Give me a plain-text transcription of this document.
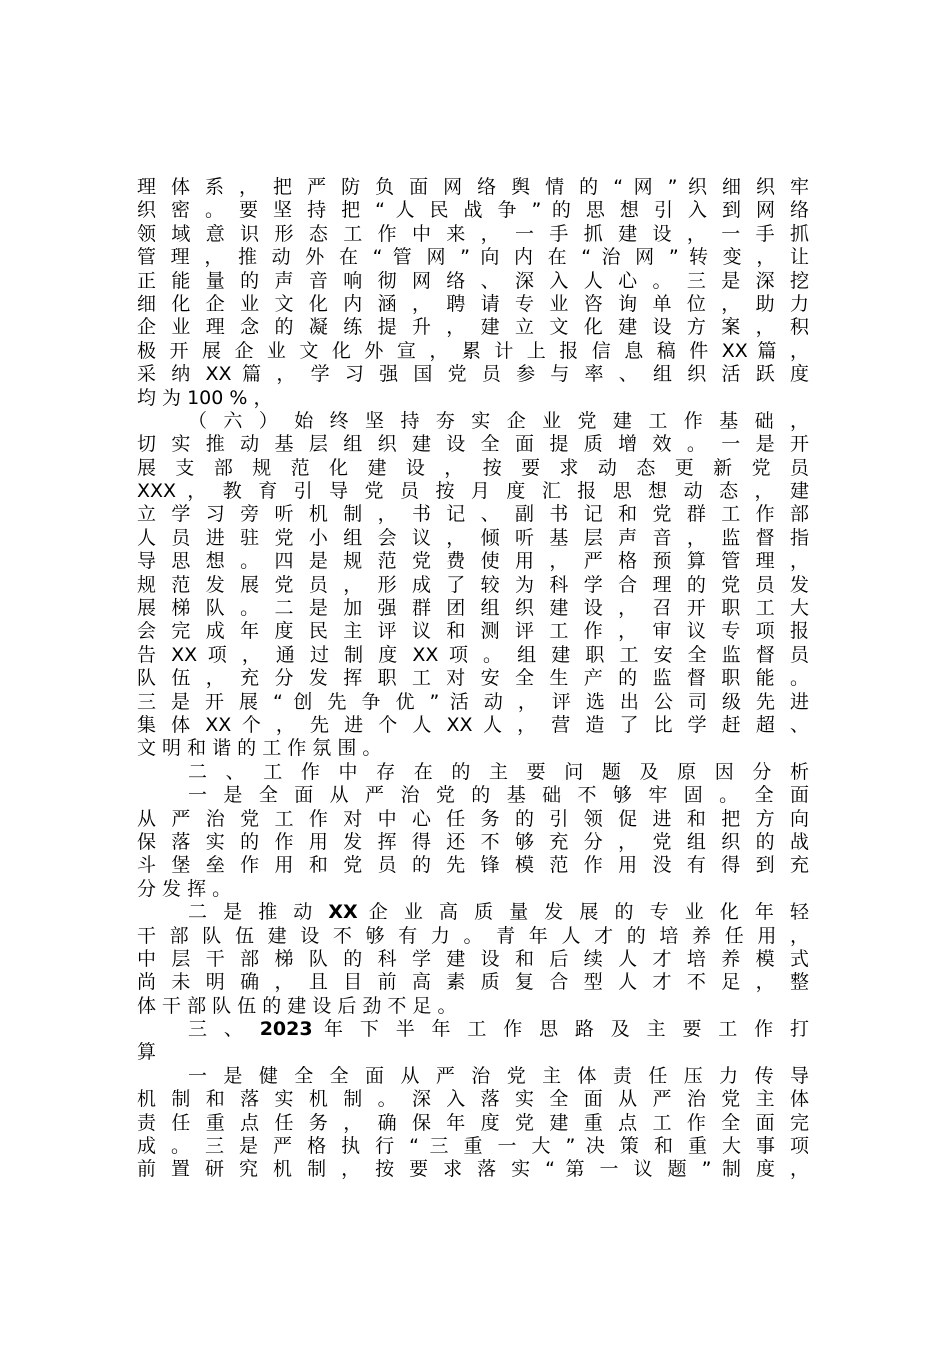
理 体 系 ， 把 严 防 负 面 网 络 舆 情 的 “ 网 ” 织 细 织 牢
织 密 。 要 坚 持 把 “ 人 民 战 争 ” 的 思 想 引 入 到 网 络
领 域 意 识 形 态 工 作 中 来 ， 一 手 抓 建 设 ， 一 手 抓
管 理 ， 推 动 外 在 “ 管 网 ” 向 内 在 “ 治 网 ” 转 变 ， 让
正 能 量 的 声 音 响 彻 网 络 、 深 入 人 心 。 三 是 深 挖
细 化 企 业 文 化 内 涵 ， 聘 请 专 业 咨 询 单 位 ， 助 力
企 业 理 念 的 凝 练 提 升 ， 建 立 文 化 建 设 方 案 ， 积
极 开 展 企 业 文 化 外 宣 ， 累 计 上 报 信 息 稿 件 XX 篇 ，
采 纳 XX 篇 ， 学 习 强 国 党 员 参 与 率 、 组 织 活 跃 度
均 为 100 % ，
（ 六 ） 始 终 坚 持 夯 实 企 业 党 建 工 作 基 础 ，
切 实 推 动 基 层 组 织 建 设 全 面 提 质 增 效 。 一 是 开
展 支 部 规 范 化 建 设 ， 按 要 求 动 态 更 新 党 员
XXX ， 教 育 引 导 党 员 按 月 度 汇 报 思 想 动 态 ， 建
立 学 习 旁 听 机 制 ， 书 记 、 副 书 记 和 党 群 工 作 部
人 员 进 驻 党 小 组 会 议 ， 倾 听 基 层 声 音 ， 监 督 指
导 思 想 。 四 是 规 范 党 费 使 用 ， 严 格 预 算 管 理 ，
规 范 发 展 党 员 ， 形 成 了 较 为 科 学 合 理 的 党 员 发
展 梯 队 。 二 是 加 强 群 团 组 织 建 设 ， 召 开 职 工 大
会 完 成 年 度 民 主 评 议 和 测 评 工 作 ， 审 议 专 项 报
告 XX 项 ， 通 过 制 度 XX 项 。 组 建 职 工 安 全 监 督 员
队 伍 ， 充 分 发 挥 职 工 对 安 全 生 产 的 监 督 职 能 。
三 是 开 展 “ 创 先 争 优 ” 活 动 ， 评 选 出 公 司 级 先 进
集 体 XX 个 ， 先 进 个 人 XX 人 ， 营 造 了 比 学 赶 超 、
文 明 和 谐 的 工 作 氛 围 。
二 、 工 作 中 存 在 的 主 要 问 题 及 原 因 分 析
一 是 全 面 从 严 治 党 的 基 础 不 够 牢 固 。 全 面
从 严 治 党 工 作 对 中 心 任 务 的 引 领 促 进 和 把 方 向
保 落 实 的 作 用 发 挥 得 还 不 够 充 分 ， 党 组 织 的 战
斗 堡 垒 作 用 和 党 员 的 先 锋 模 范 作 用 没 有 得 到 充
分 发 挥 。
二 是 推 动 XX 企 业 高 质 量 发 展 的 专 业 化 年 轻
干 部 队 伍 建 设 不 够 有 力 。 青 年 人 才 的 培 养 任 用 ，
中 层 干 部 梯 队 的 科 学 建 设 和 后 续 人 才 培 养 模 式
尚 未 明 确 ， 且 目 前 高 素 质 复 合 型 人 才 不 足 ， 整
体 干 部 队 伍 的 建 设 后 劲 不 足 。
三 、 2023 年 下 半 年 工 作 思 路 及 主 要 工 作 打
算
一 是 健 全 全 面 从 严 治 党 主 体 责 任 压 力 传 导
机 制 和 落 实 机 制 。 深 入 落 实 全 面 从 严 治 党 主 体
责 任 重 点 任 务 ， 确 保 年 度 党 建 重 点 工 作 全 面 完
成 。 三 是 严 格 执 行 “ 三 重 一 大 ” 决 策 和 重 大 事 项
前 置 研 究 机 制 ， 按 要 求 落 实 “ 第 一 议 题 ” 制 度 ，
